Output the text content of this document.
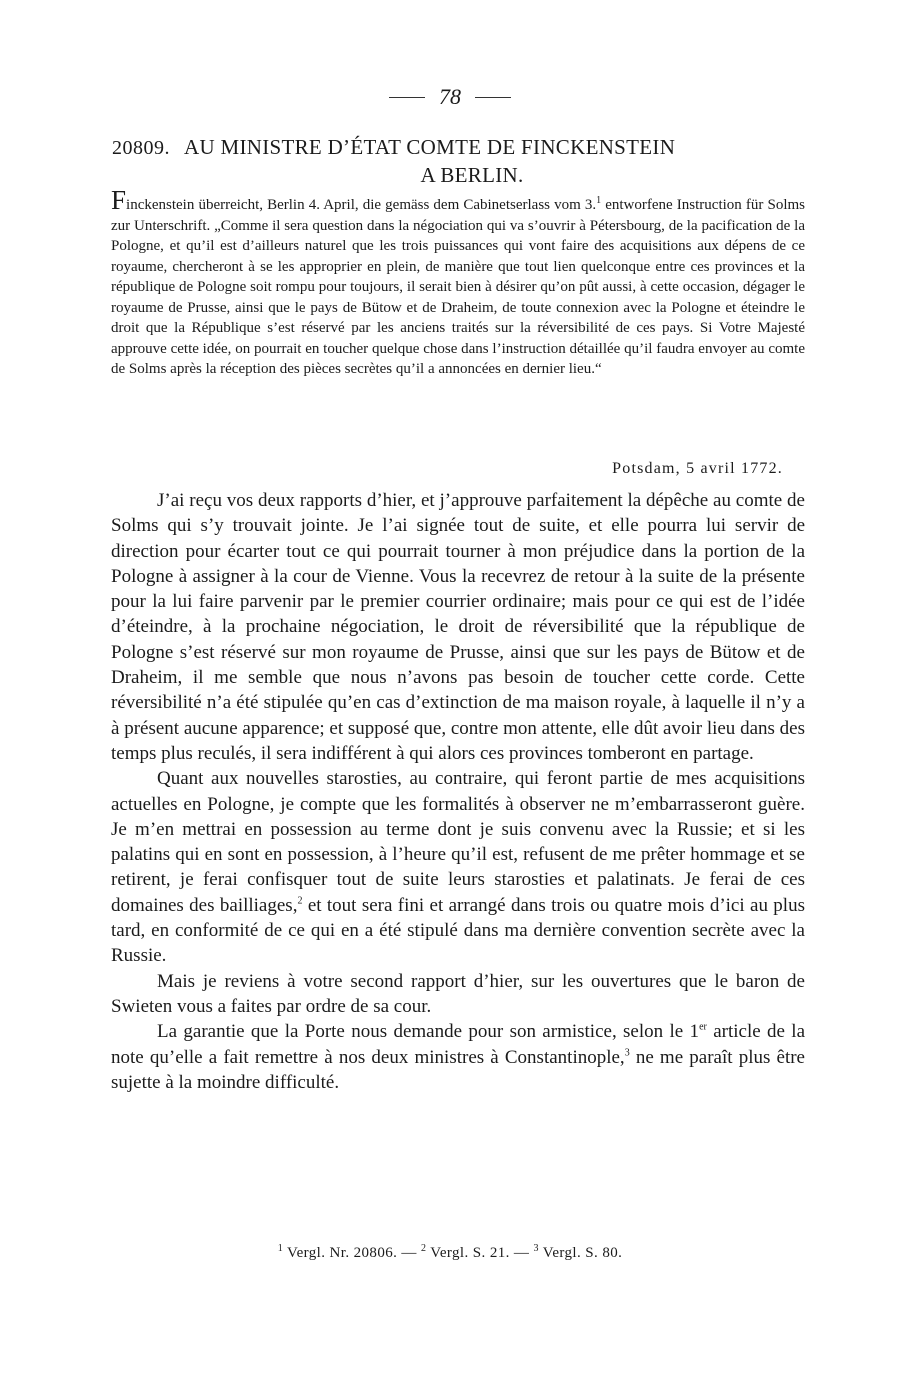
78
20809. AU MINISTRE D’ÉTAT COMTE DE FINCKENSTEIN
A BERLIN.

Finckenstein überreicht, Berlin 4. April, die gemäss dem Cabinetserlass vom 3.$^1$ entworfene Instruction für Solms zur Unterschrift. „Comme il sera question dans la négociation qui va s’ouvrir à Pétersbourg, de la pacification de la Pologne, et qu’il est d’ailleurs naturel que les trois puissances qui vont faire des acquisitions aux dépens de ce royaume, chercheront à se les approprier en plein, de manière que tout lien quelconque entre ces provinces et la république de Pologne soit rompu pour toujours, il serait bien à désirer qu’on pût aussi, à cette occasion, dégager le royaume de Prusse, ainsi que le pays de Bütow et de Draheim, de toute connexion avec la Pologne et éteindre le droit que la République s’est réservé par les anciens traités sur la réversibilité de ces pays. Si Votre Majesté approuve cette idée, on pourrait en toucher quelque chose dans l’instruction détaillée qu’il faudra envoyer au comte de Solms après la réception des pièces secrètes qu’il a annoncées en dernier lieu.“

Potsdam, 5 avril 1772.

J’ai reçu vos deux rapports d’hier, et j’approuve parfaitement la dépêche au comte de Solms qui s’y trouvait jointe. Je l’ai signée tout de suite, et elle pourra lui servir de direction pour écarter tout ce qui pourrait tourner à mon préjudice dans la portion de la Pologne à assigner à la cour de Vienne. Vous la recevrez de retour à la suite de la présente pour la lui faire parvenir par le premier courrier ordinaire; mais pour ce qui est de l’idée d’éteindre, à la prochaine négociation, le droit de réversibilité que la république de Pologne s’est réservé sur mon royaume de Prusse, ainsi que sur les pays de Bütow et de Draheim, il me semble que nous n’avons pas besoin de toucher cette corde. Cette réversibilité n’a été stipulée qu’en cas d’extinction de ma maison royale, à laquelle il n’y a à présent aucune apparence; et supposé que, contre mon attente, elle dût avoir lieu dans des temps plus reculés, il sera indifférent à qui alors ces provinces tomberont en partage.

Quant aux nouvelles starosties, au contraire, qui feront partie de mes acquisitions actuelles en Pologne, je compte que les formalités à observer ne m’embarrasseront guère. Je m’en mettrai en possession au terme dont je suis convenu avec la Russie; et si les palatins qui en sont en possession, à l’heure qu’il est, refusent de me prêter hommage et se retirent, je ferai confisquer tout de suite leurs starosties et palatinats. Je ferai de ces domaines des bailliages,$^2$ et tout sera fini et arrangé dans trois ou quatre mois d’ici au plus tard, en conformité de ce qui en a été stipulé dans ma dernière convention secrète avec la Russie.

Mais je reviens à votre second rapport d’hier, sur les ouvertures que le baron de Swieten vous a faites par ordre de sa cour.

La garantie que la Porte nous demande pour son armistice, selon le 1er article de la note qu’elle a fait remettre à nos deux ministres à Constantinople,$^3$ ne me paraît plus être sujette à la moindre difficulté.

$^1$ Vergl. Nr. 20806. — $^2$ Vergl. S. 21. — $^3$ Vergl. S. 80.
